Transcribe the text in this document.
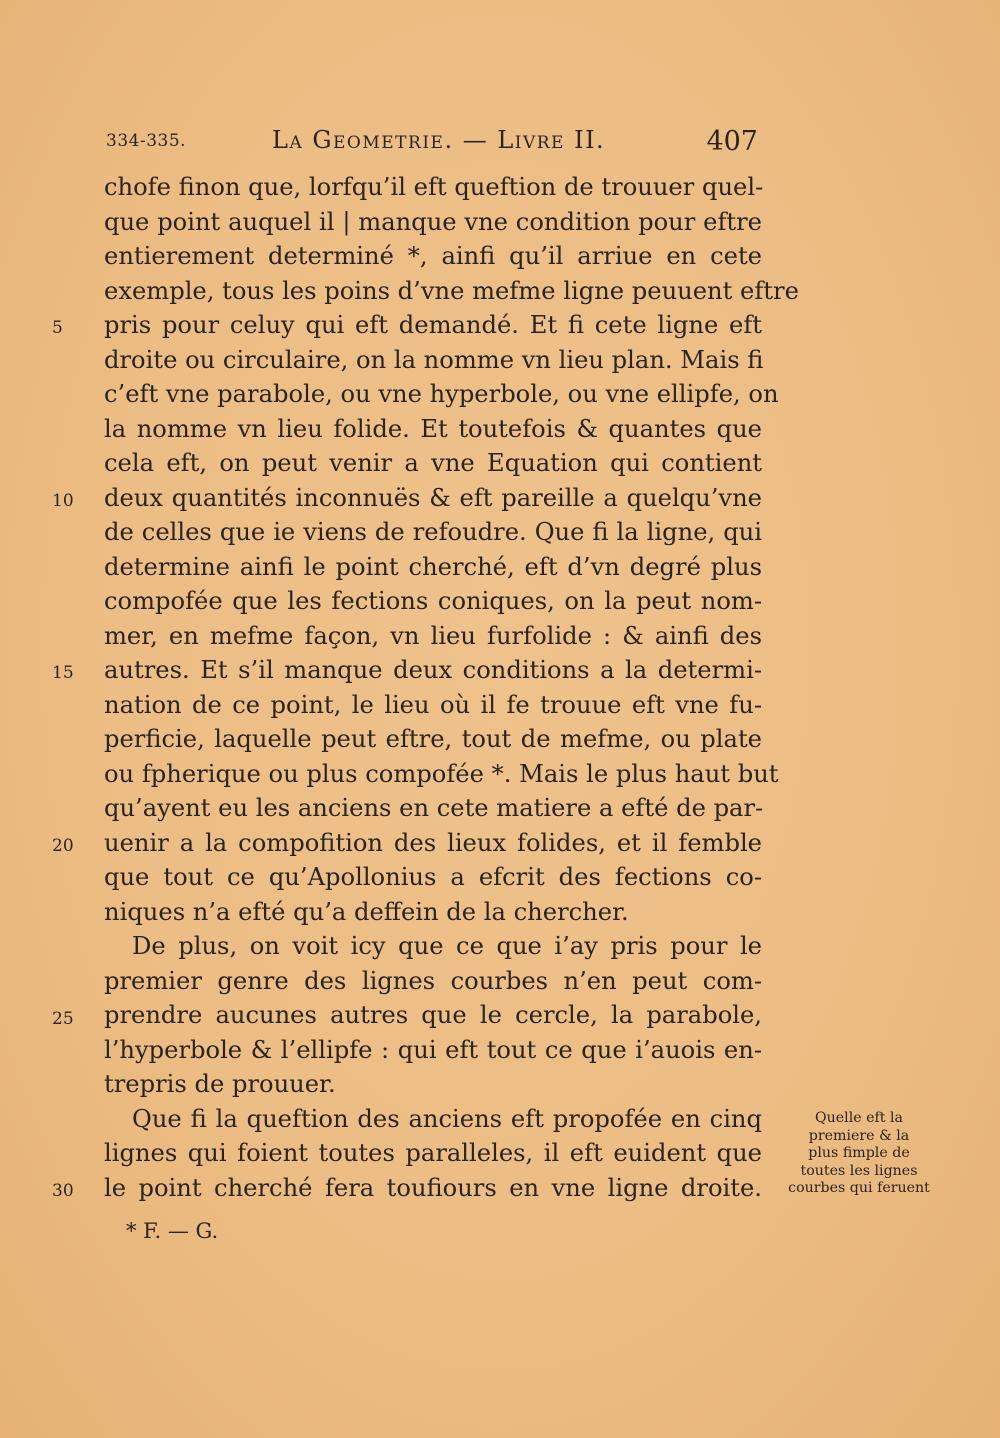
334-335.	La Geometrie. — Livre II.	407
chofe finon que, lorfqu’il eft queftion de trouuer quel-
que point auquel il | manque vne condition pour eftre
entierement determiné *, ainfi qu’il arriue en cete
exemple, tous les poins d’vne mefme ligne peuuent eftre
pris pour celuy qui eft demandé. Et fi cete ligne eft
droite ou circulaire, on la nomme vn lieu plan. Mais fi
c’eft vne parabole, ou vne hyperbole, ou vne ellipfe, on
la nomme vn lieu folide. Et toutefois & quantes que
cela eft, on peut venir a vne Equation qui contient
deux quantités inconnuës & eft pareille a quelqu’vne
de celles que ie viens de refoudre. Que fi la ligne, qui
determine ainfi le point cherché, eft d’vn degré plus
compofée que les fections coniques, on la peut nom-
mer, en mefme façon, vn lieu furfolide : & ainfi des
autres. Et s’il manque deux conditions a la determi-
nation de ce point, le lieu où il fe trouue eft vne fu-
perficie, laquelle peut eftre, tout de mefme, ou plate
ou fpherique ou plus compofée *. Mais le plus haut but
qu’ayent eu les anciens en cete matiere a efté de par-
uenir a la compofition des lieux folides, et il femble
que tout ce qu’Apollonius a efcrit des fections co-
niques n’a efté qu’a deffein de la chercher.
De plus, on voit icy que ce que i’ay pris pour le
premier genre des lignes courbes n’en peut com-
prendre aucunes autres que le cercle, la parabole,
l’hyperbole & l’ellipfe : qui eft tout ce que i’auois en-
trepris de prouuer.
Que fi la queftion des anciens eft propofée en cinq
lignes qui foient toutes paralleles, il eft euident que
le point cherché fera toufiours en vne ligne droite.
5
10
15
20
25
30
Quelle eft la
premiere & la
plus fimple de
toutes les lignes
courbes qui feruent
* F. — G.
